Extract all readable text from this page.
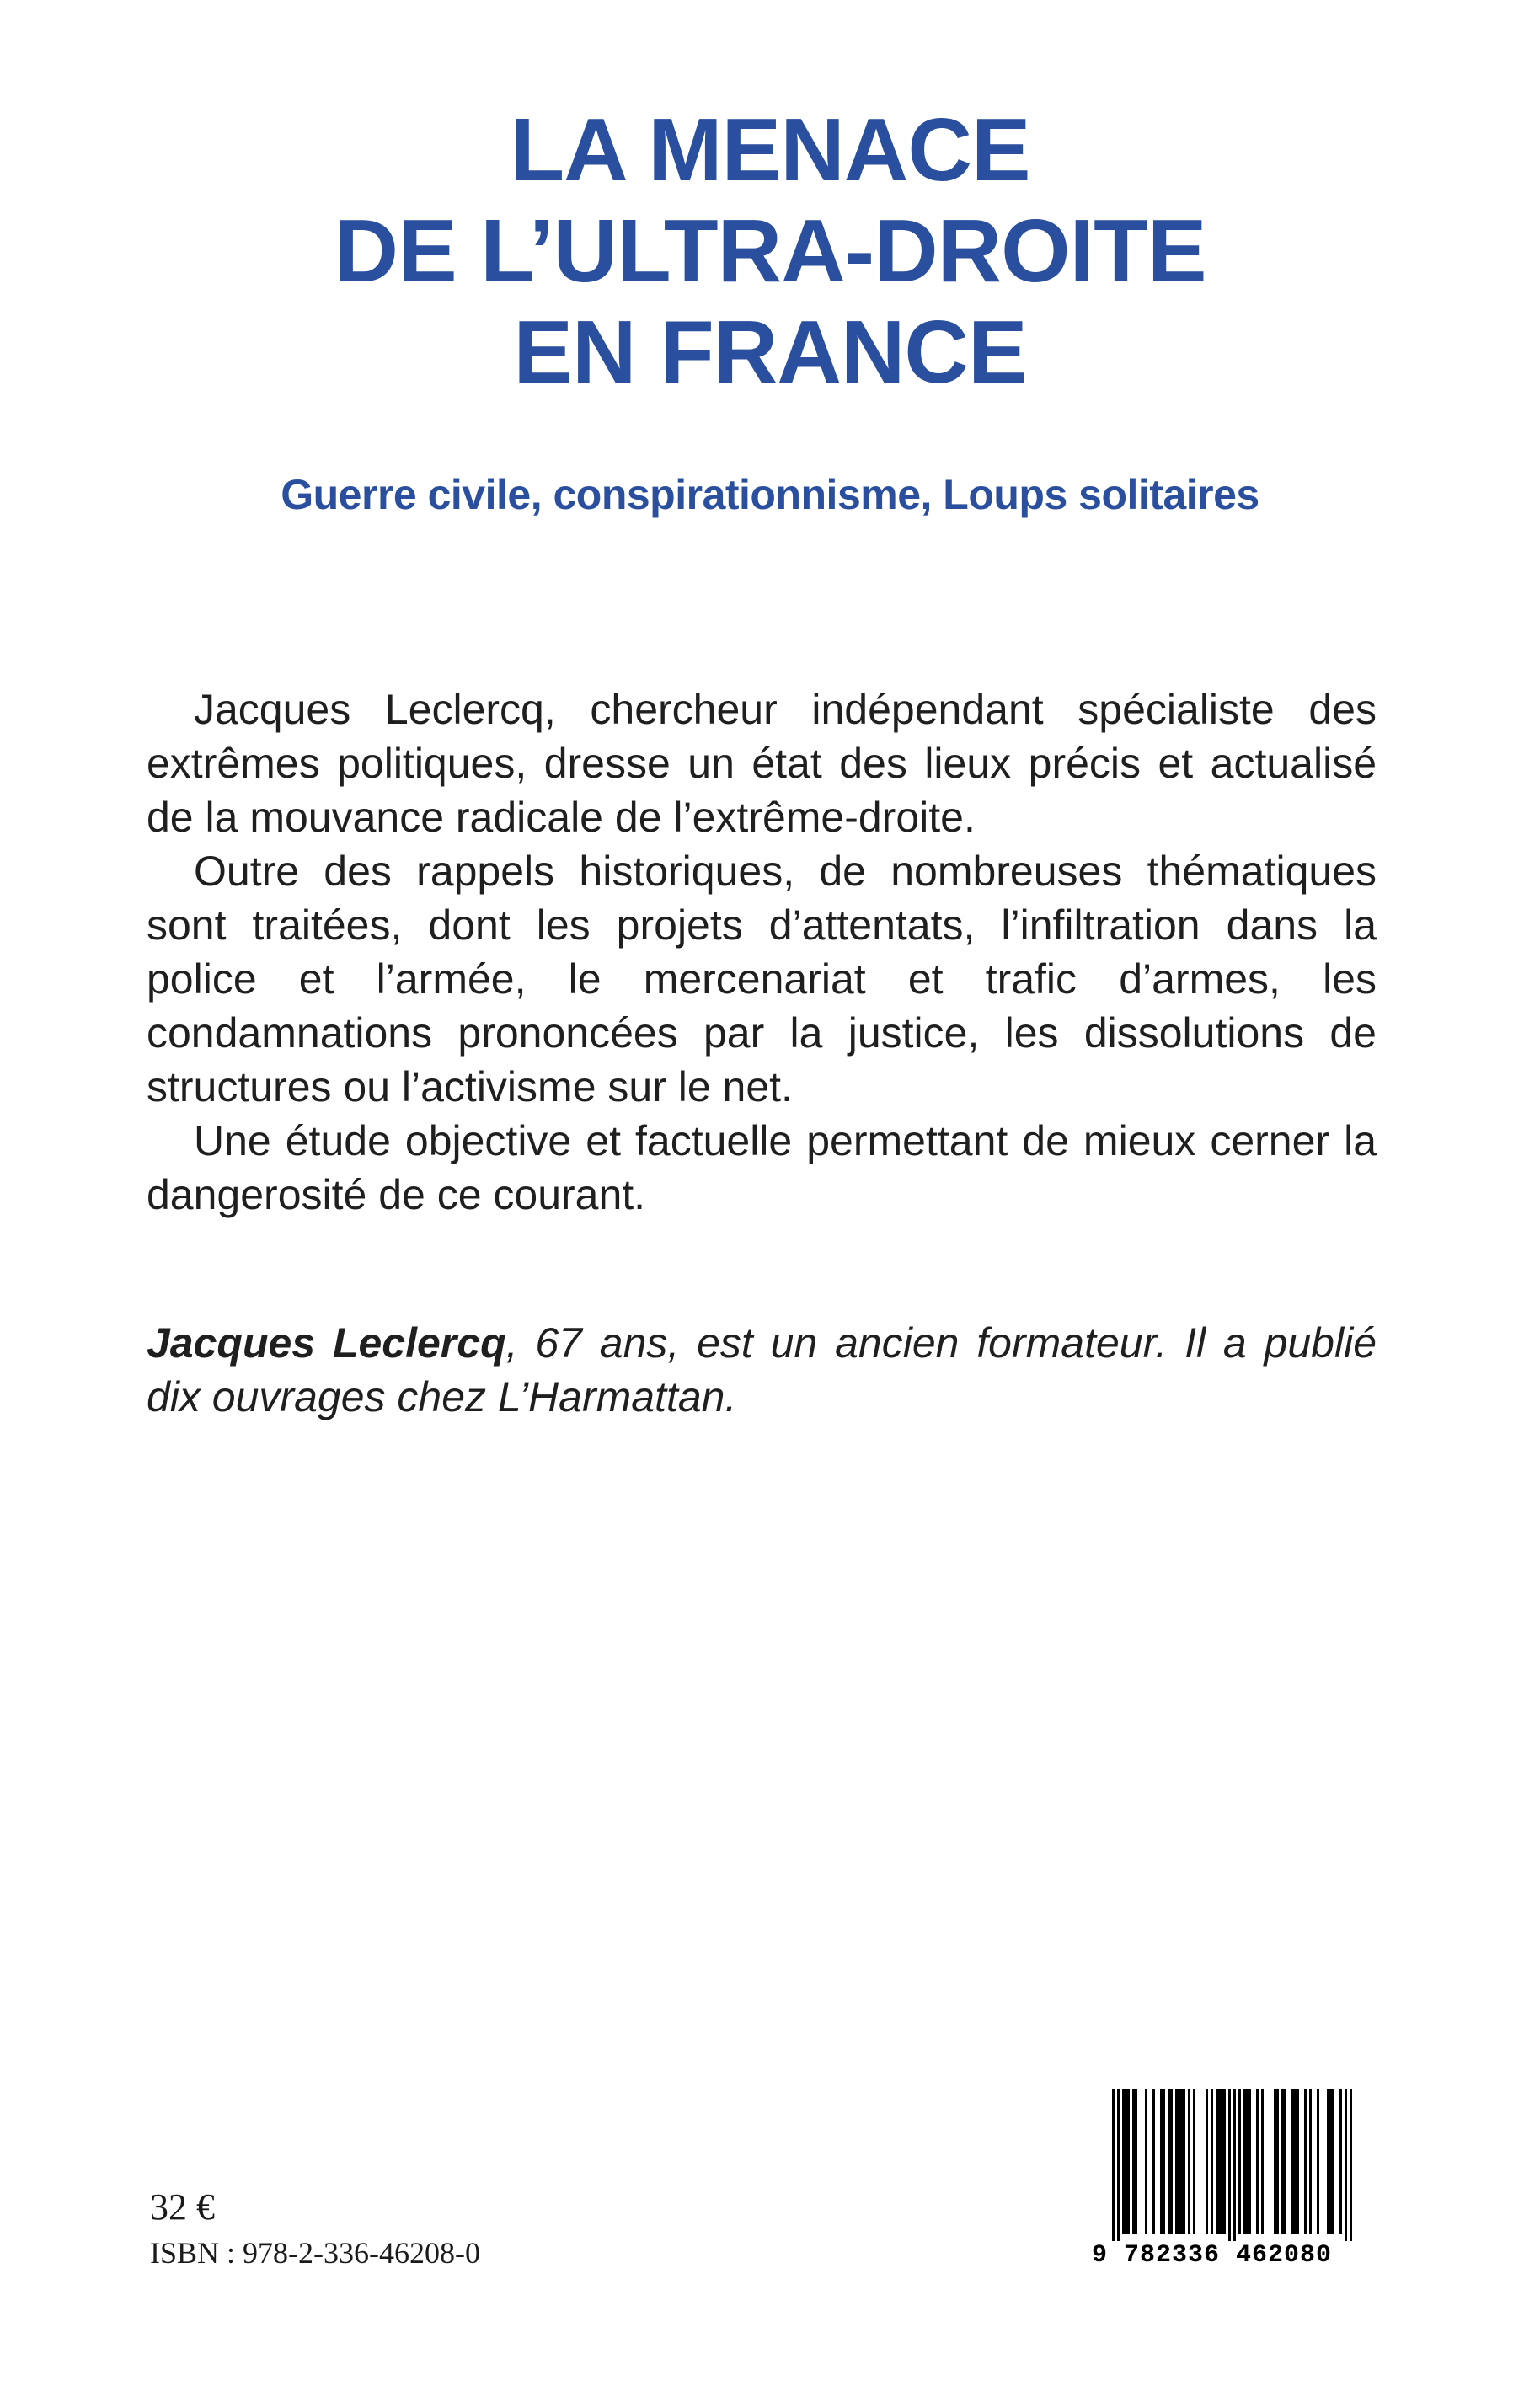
LA MENACE
DE L’ULTRA-DROITE
EN FRANCE
Guerre civile, conspirationnisme, Loups solitaires

Jacques Leclercq, chercheur indépendant spécialiste des extrêmes politiques, dresse un état des lieux précis et actualisé de la mouvance radicale de l’extrême-droite.

Outre des rappels historiques, de nombreuses thématiques sont traitées, dont les projets d’attentats, l’infiltration dans la police et l’armée, le mercenariat et trafic d’armes, les condamnations prononcées par la justice, les dissolutions de structures ou l’activisme sur le net.

Une étude objective et factuelle permettant de mieux cerner la dangerosité de ce courant.

Jacques Leclercq, 67 ans, est un ancien formateur. Il a publié dix ouvrages chez L’Harmattan.
32 €
ISBN : 978-2-336-46208-0	9 782336 462080
